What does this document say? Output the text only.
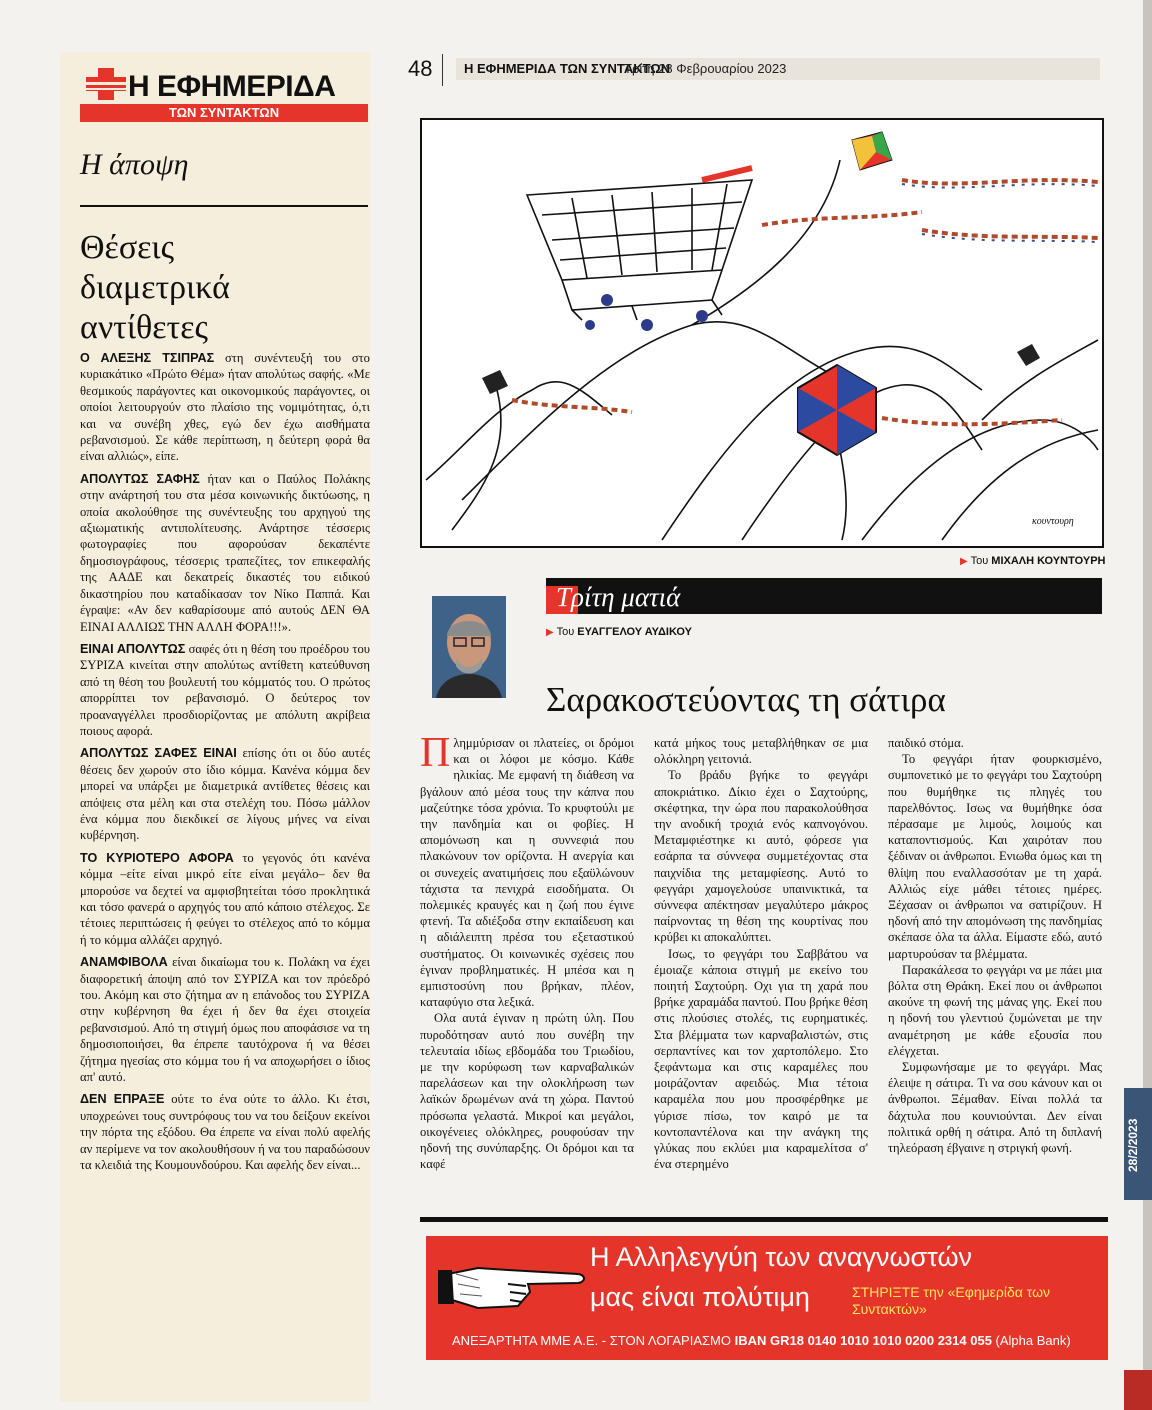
28/2/2023
Η ΕΦΗΜΕΡΙΔΑ
ΤΩΝ ΣΥΝΤΑΚΤΩΝ
Η άποψη
Θέσεις
διαμετρικά
αντίθετες

Ο ΑΛΕΞΗΣ ΤΣΙΠΡΑΣ στη συνέντευξή του στο κυριακάτικο «Πρώτο Θέμα» ήταν απολύτως σαφής. «Με θεσμικούς παράγοντες και οικονομικούς παράγοντες, οι οποίοι λειτουργούν στο πλαίσιο της νομιμότητας, ό,τι και να συνέβη χθες, εγώ δεν έχω αισθήματα ρεβανσισμού. Σε κάθε περίπτωση, η δεύτερη φορά θα είναι αλλιώς», είπε.

ΑΠΟΛΥΤΩΣ ΣΑΦΗΣ ήταν και ο Παύλος Πολάκης στην ανάρτησή του στα μέσα κοινωνικής δικτύωσης, η οποία ακολούθησε της συνέντευξης του αρχηγού της αξιωματικής αντιπολίτευσης. Ανάρτησε τέσσερις φωτογραφίες που αφορούσαν δεκαπέντε δημοσιογράφους, τέσσερις τραπεζίτες, τον επικεφαλής της ΑΑΔΕ και δεκατρείς δικαστές του ειδικού δικαστηρίου που καταδίκασαν τον Νίκο Παππά. Και έγραψε: «Αν δεν καθαρίσουμε από αυτούς ΔΕΝ ΘΑ ΕΙΝΑΙ ΑΛΛΙΩΣ ΤΗΝ ΑΛΛΗ ΦΟΡΑ!!!».

ΕΙΝΑΙ ΑΠΟΛΥΤΩΣ σαφές ότι η θέση του προέδρου του ΣΥΡΙΖΑ κινείται στην απολύτως αντίθετη κατεύθυνση από τη θέση του βουλευτή του κόμματός του. Ο πρώτος απορρίπτει τον ρεβανσισμό. Ο δεύτερος τον προαναγγέλλει προσδιορίζοντας με απόλυτη ακρίβεια ποιους αφορά.

ΑΠΟΛΥΤΩΣ ΣΑΦΕΣ ΕΙΝΑΙ επίσης ότι οι δύο αυτές θέσεις δεν χωρούν στο ίδιο κόμμα. Κανένα κόμμα δεν μπορεί να υπάρξει με διαμετρικά αντίθετες θέσεις και απόψεις στα μέλη και στα στελέχη του. Πόσω μάλλον ένα κόμμα που διεκδικεί σε λίγους μήνες να είναι κυβέρνηση.

ΤΟ ΚΥΡΙΟΤΕΡΟ ΑΦΟΡΑ το γεγονός ότι κανένα κόμμα –είτε είναι μικρό είτε είναι μεγάλο– δεν θα μπορούσε να δεχτεί να αμφισβητείται τόσο προκλητικά και τόσο φανερά ο αρχηγός του από κάποιο στέλεχος. Σε τέτοιες περιπτώσεις ή φεύγει το στέλεχος από το κόμμα ή το κόμμα αλλάζει αρχηγό.

ΑΝΑΜΦΙΒΟΛΑ είναι δικαίωμα του κ. Πολάκη να έχει διαφορετική άποψη από τον ΣΥΡΙΖΑ και τον πρόεδρό του. Ακόμη και στο ζήτημα αν η επάνοδος του ΣΥΡΙΖΑ στην κυβέρνηση θα έχει ή δεν θα έχει στοιχεία ρεβανσισμού. Από τη στιγμή όμως που αποφάσισε να τη δημοσιοποιήσει, θα έπρεπε ταυτόχρονα ή να θέσει ζήτημα ηγεσίας στο κόμμα του ή να αποχωρήσει ο ίδιος απ' αυτό.

ΔΕΝ ΕΠΡΑΞΕ ούτε το ένα ούτε το άλλο. Κι έτσι, υποχρεώνει τους συντρόφους του να του δείξουν εκείνοι την πόρτα της εξόδου. Θα έπρεπε να είναι πολύ αφελής αν περίμενε να τον ακολουθήσουν ή να του παραδώσουν τα κλειδιά της Κουμουνδούρου. Και αφελής δεν είναι...

48 Η ΕΦΗΜΕΡΙΔΑ ΤΩΝ ΣΥΝΤΑΚΤΩΝ
Τρίτη 28 Φεβρουαρίου 2023
κουντουρη
▶ Του ΜΙΧΑΛΗ ΚΟΥΝΤΟΥΡΗ
Τρίτη ματιά
▶ Του ΕΥΑΓΓΕΛΟΥ ΑΥΔΙΚΟΥ
Σαρακοστεύοντας τη σάτιρα

Πλημμύρισαν οι πλατείες, οι δρόμοι και οι λόφοι με κόσμο. Κάθε ηλικίας. Με εμφανή τη διάθεση να βγάλουν από μέσα τους την κάπνα που μαζεύτηκε τόσα χρόνια. Το κρυφτούλι με την πανδημία και οι φοβίες. Η απομόνωση και η συννεφιά που πλακώνουν τον ορίζοντα. Η ανεργία και οι συνεχείς ανατιμήσεις που εξαϋλώνουν τάχιστα τα πενιχρά εισοδήματα. Οι πολεμικές κραυγές και η ζωή που έγινε φτενή. Τα αδιέξοδα στην εκπαίδευση και η αδιάλειπτη πρέσα του εξεταστικού συστήματος. Οι κοινωνικές σχέσεις που έγιναν προβληματικές. Η μπέσα και η εμπιστοσύνη που βρήκαν, πλέον, καταφύγιο στα λεξικά.

Ολα αυτά έγιναν η πρώτη ύλη. Που πυροδότησαν αυτό που συνέβη την τελευταία ιδίως εβδομάδα του Τριωδίου, με την κορύφωση των καρναβαλικών παρελάσεων και την ολοκλήρωση των λαϊκών δρωμένων ανά τη χώρα. Παντού πρόσωπα γελαστά. Μικροί και μεγάλοι, οικογένειες ολόκληρες, ρουφούσαν την ηδονή της συνύπαρξης. Οι δρόμοι και τα καφέ

κατά μήκος τους μεταβλήθηκαν σε μια ολόκληρη γειτονιά.

Το βράδυ βγήκε το φεγγάρι αποκριάτικο. Δίκιο έχει ο Σαχτούρης, σκέφτηκα, την ώρα που παρακολούθησα την ανοδική τροχιά ενός καπνογόνου. Μεταμφιέστηκε κι αυτό, φόρεσε για εσάρπα τα σύννεφα συμμετέχοντας στα παιχνίδια της μεταμφίεσης. Αυτό το φεγγάρι χαμογελούσε υπαινικτικά, τα σύννεφα απέκτησαν μεγαλύτερο μάκρος παίρνοντας τη θέση της κουρτίνας που κρύβει κι αποκαλύπτει.

Ισως, το φεγγάρι του Σαββάτου να έμοιαζε κάποια στιγμή με εκείνο του ποιητή Σαχτούρη. Οχι για τη χαρά που βρήκε χαραμάδα παντού. Που βρήκε θέση στις πλούσιες στολές, τις ευρηματικές. Στα βλέμματα των καρναβαλιστών, στις σερπαντίνες και τον χαρτοπόλεμο. Στο ξεφάντωμα και στις καραμέλες που μοιράζονταν αφειδώς. Μια τέτοια καραμέλα που μου προσφέρθηκε με γύρισε πίσω, τον καιρό με τα κοντοπαντέλονα και την ανάγκη της γλύκας που εκλύει μια καραμελίτσα σ' ένα στερημένο

παιδικό στόμα.

Το φεγγάρι ήταν φουρκισμένο, συμπονετικό με το φεγγάρι του Σαχτούρη που θυμήθηκε τις πληγές του παρελθόντος. Ισως να θυμήθηκε όσα πέρασαμε με λιμούς, λοιμούς και καταποντισμούς. Και χαιρόταν που ξέδιναν οι άνθρωποι. Ενιωθα όμως και τη θλίψη που εναλλασσόταν με τη χαρά. Αλλιώς είχε μάθει τέτοιες ημέρες. Ξέχασαν οι άνθρωποι να σατιρίζουν. Η ηδονή από την απομόνωση της πανδημίας σκέπασε όλα τα άλλα. Είμαστε εδώ, αυτό μαρτυρούσαν τα βλέμματα.

Παρακάλεσα το φεγγάρι να με πάει μια βόλτα στη Θράκη. Εκεί που οι άνθρωποι ακούνε τη φωνή της μάνας γης. Εκεί που η ηδονή του γλεντιού ζυμώνεται με την αναμέτρηση με κάθε εξουσία που ελέγχεται.

Συμφωνήσαμε με το φεγγάρι. Μας έλειψε η σάτιρα. Τι να σου κάνουν και οι άνθρωποι. Ξέμαθαν. Είναι πολλά τα δάχτυλα που κουνιούνται. Δεν είναι πολιτικά ορθή η σάτιρα. Από τη διπλανή τηλεόραση έβγαινε η στριγκή φωνή.

Η Αλληλεγγύη των αναγνωστών
μας είναι πολύτιμη	ΣΤΗΡΙΞΤΕ την «Εφημερίδα των Συντακτών»
ΑΝΕΞΑΡΤΗΤΑ ΜΜΕ Α.Ε. - ΣΤΟΝ ΛΟΓΑΡΙΑΣΜΟ IBAN GR18 0140 1010 1010 0200 2314 055 (Alpha Bank)
